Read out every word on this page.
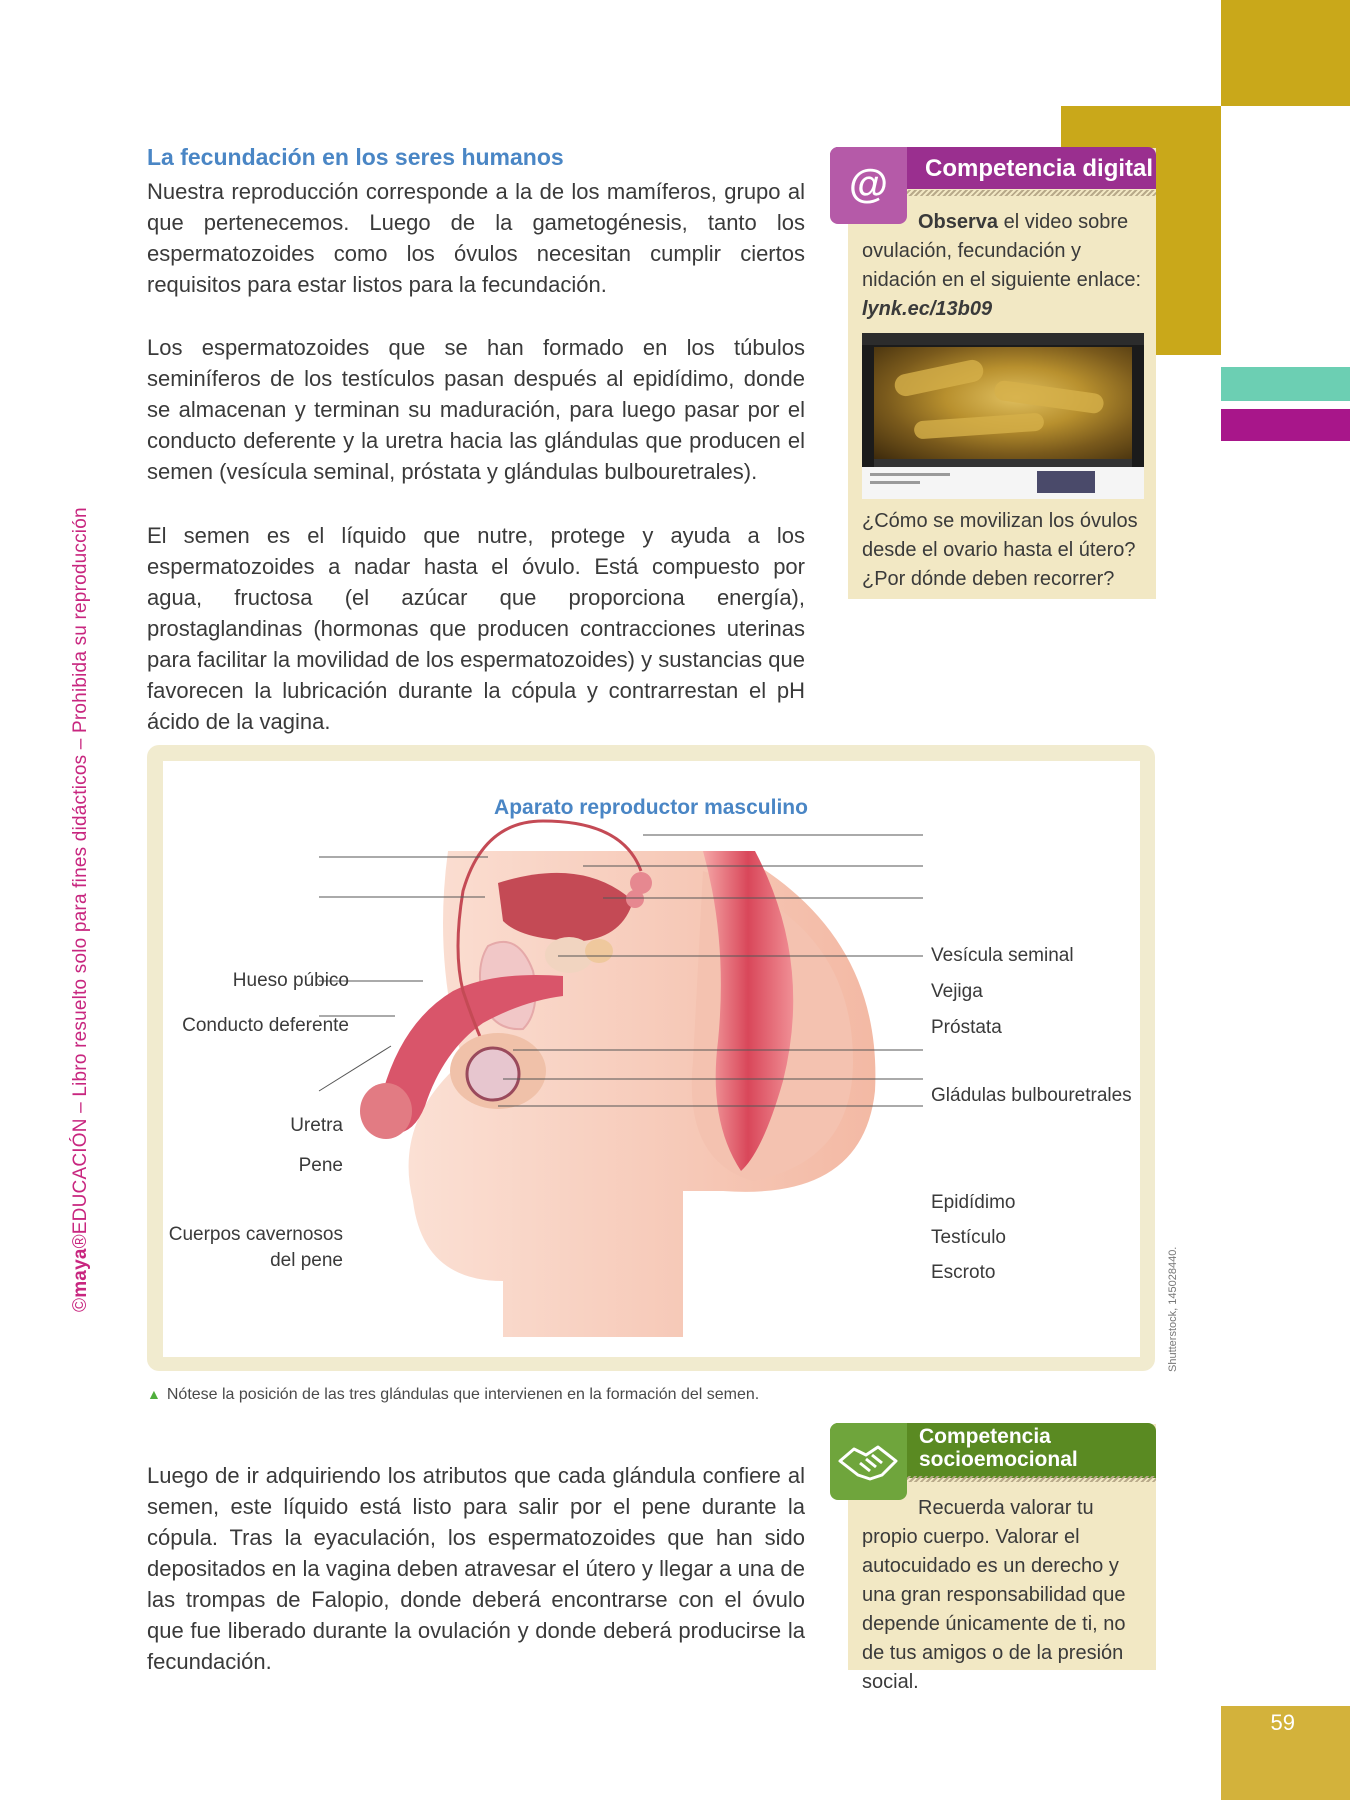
©maya®EDUCACIÓN – Libro resuelto solo para fines didácticos – Prohibida su reproducción
La fecundación en los seres humanos

Nuestra reproducción corresponde a la de los mamíferos, grupo al que pertenecemos. Luego de la gametogénesis, tanto los espermatozoides como los óvulos necesitan cumplir ciertos requisitos para estar listos para la fecundación.

Los espermatozoides que se han formado en los túbulos seminíferos de los testículos pasan después al epidídimo, donde se almacenan y terminan su maduración, para luego pasar por el conducto deferente y la uretra hacia las glándulas que producen el semen (vesícula seminal, próstata y glándulas bulbouretrales).

El semen es el líquido que nutre, protege y ayuda a los espermatozoides a nadar hasta el óvulo. Está compuesto por agua, fructosa (el azúcar que proporciona energía), prostaglandinas (hormonas que producen contracciones uterinas para facilitar la movilidad de los espermatozoides) y sustancias que favorecen la lubricación durante la cópula y contrarrestan el pH ácido de la vagina.

@	Competencia digital
Observa el video sobre ovulación, fecundación y nidación en el siguiente enlace:
lynk.ec/13b09
¿Cómo se movilizan los óvulos desde el ovario hasta el útero? ¿Por dónde deben recorrer?
Aparato reproductor masculino
Hueso púbico
Conducto deferente
Uretra
Pene
Cuerpos cavernosos
del pene
Vesícula seminal
Vejiga
Próstata
Gládulas bulbouretrales
Epidídimo
Testículo
Escroto	Shutterstock, 145028440.
▲ Nótese la posición de las tres glándulas que intervienen en la formación del semen.

Luego de ir adquiriendo los atributos que cada glándula confiere al semen, este líquido está listo para salir por el pene durante la cópula. Tras la eyaculación, los espermatozoides que han sido depositados en la vagina deben atravesar el útero y llegar a una de las trompas de Falopio, donde deberá encontrarse con el óvulo que fue liberado durante la ovulación y donde deberá producirse la fecundación.

Competencia socioemocional
Recuerda valorar tu propio cuerpo. Valorar el autocuidado es un derecho y una gran responsabilidad que depende únicamente de ti, no de tus amigos o de la presión social.
59
